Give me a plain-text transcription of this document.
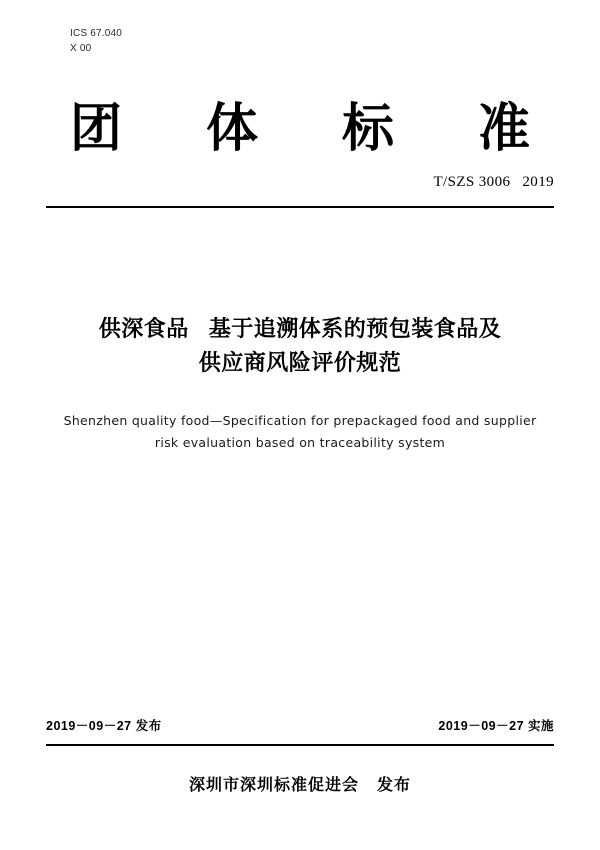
ICS 67.040
X 00
团 体 标 准
T/SZS 3006 2019
供深食品 基于追溯体系的预包装食品及
供应商风险评价规范
Shenzhen quality food—Specification for prepackaged food and supplier
risk evaluation based on traceability system
2019－09－27 发布	2019－09－27 实施
深圳市深圳标准促进会 发布
